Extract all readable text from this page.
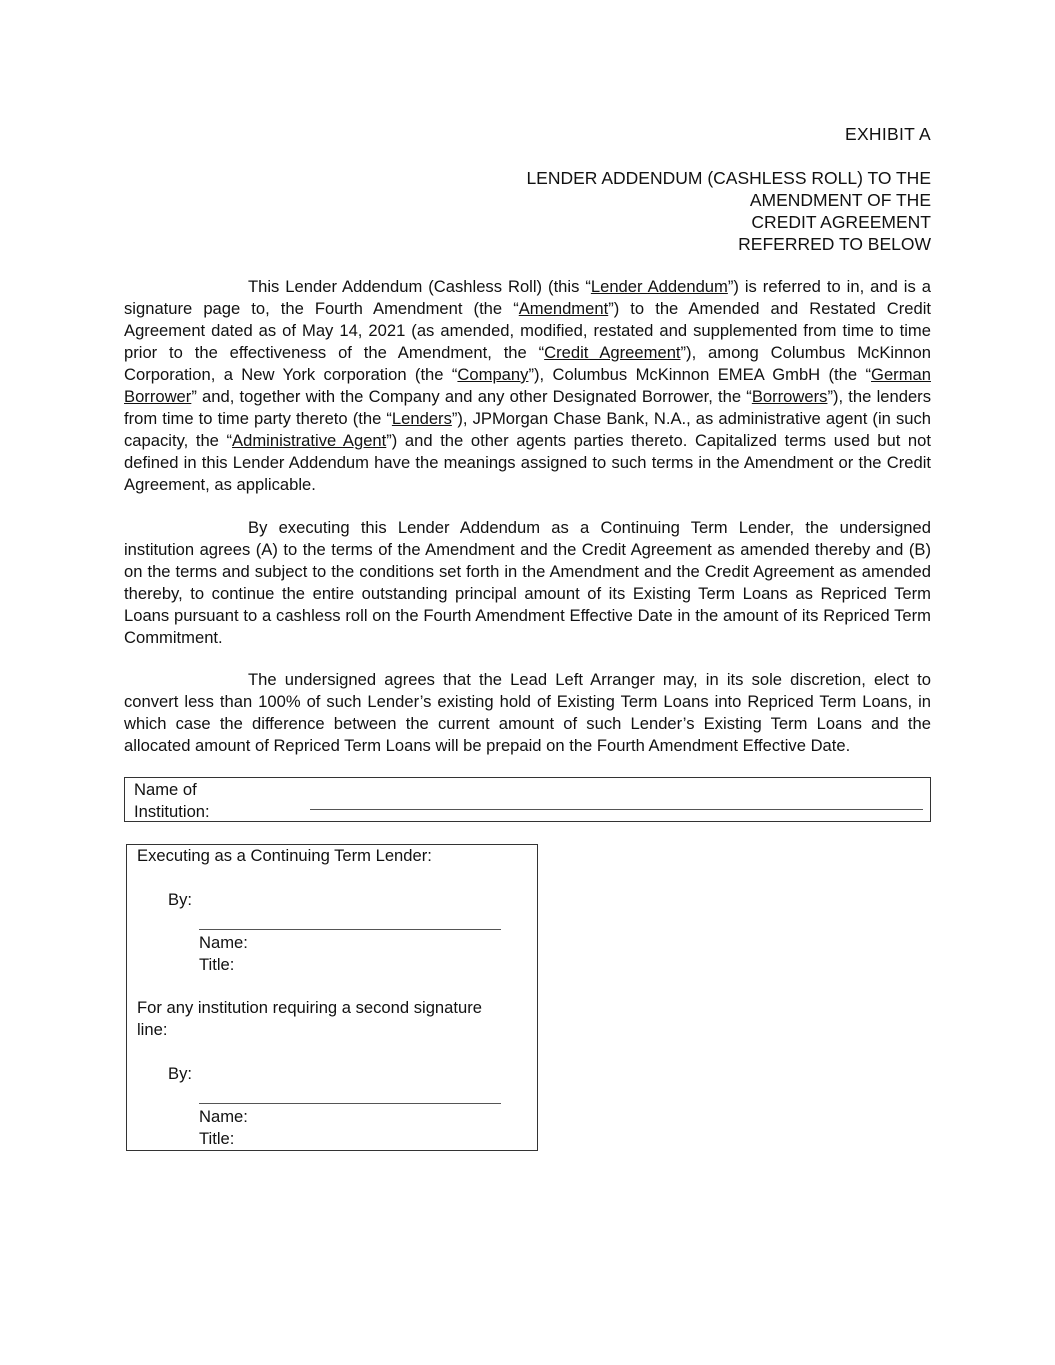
EXHIBIT A
LENDER ADDENDUM (CASHLESS ROLL) TO THE
AMENDMENT OF THE
CREDIT AGREEMENT
REFERRED TO BELOW

This Lender Addendum (Cashless Roll) (this “Lender Addendum”) is referred to in, and is a signature page to, the Fourth Amendment (the “Amendment”) to the Amended and Restated Credit Agreement dated as of May 14, 2021 (as amended, modified, restated and supplemented from time to time prior to the effectiveness of the Amendment, the “Credit Agreement”), among Columbus McKinnon Corporation, a New York corporation (the “Company”), Columbus McKinnon EMEA GmbH (the “German Borrower” and, together with the Company and any other Designated Borrower, the “Borrowers”), the lenders from time to time party thereto (the “Lenders”), JPMorgan Chase Bank, N.A., as administrative agent (in such capacity, the “Administrative Agent”) and the other agents parties thereto. Capitalized terms used but not defined in this Lender Addendum have the meanings assigned to such terms in the Amendment or the Credit Agreement, as applicable.

By executing this Lender Addendum as a Continuing Term Lender, the undersigned institution agrees (A) to the terms of the Amendment and the Credit Agreement as amended thereby and (B) on the terms and subject to the conditions set forth in the Amendment and the Credit Agreement as amended thereby, to continue the entire outstanding principal amount of its Existing Term Loans as Repriced Term Loans pursuant to a cashless roll on the Fourth Amendment Effective Date in the amount of its Repriced Term Commitment.

The undersigned agrees that the Lead Left Arranger may, in its sole discretion, elect to convert less than 100% of such Lender’s existing hold of Existing Term Loans into Repriced Term Loans, in which case the difference between the current amount of such Lender’s Existing Term Loans and the allocated amount of Repriced Term Loans will be prepaid on the Fourth Amendment Effective Date.

Name of
Institution:
Executing as a Continuing Term Lender:
By:
Name:
Title:
For any institution requiring a second signature line:
By:
Name:
Title:
